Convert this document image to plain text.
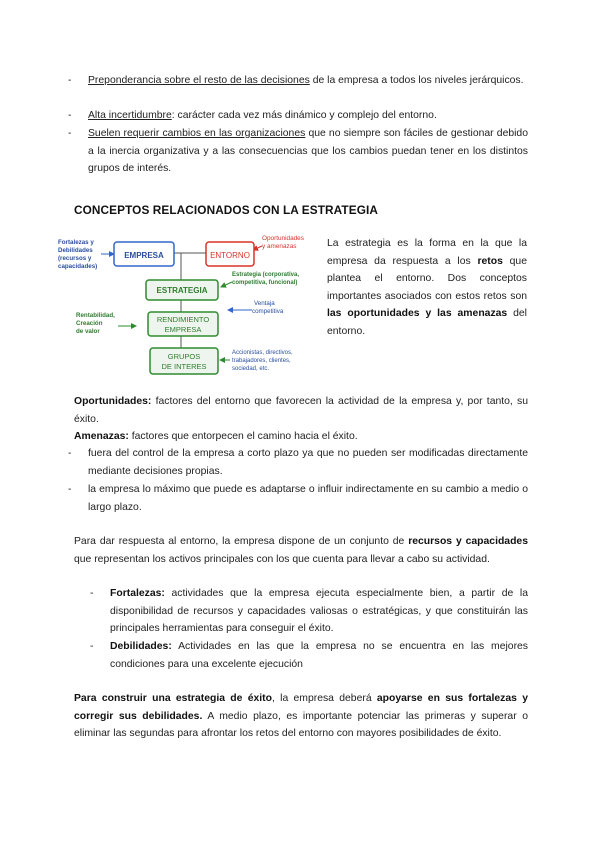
- Preponderancia sobre el resto de las decisiones de la empresa a todos los niveles jerárquicos.
- Alta incertidumbre: carácter cada vez más dinámico y complejo del entorno.
- Suelen requerir cambios en las organizaciones que no siempre son fáciles de gestionar debido a la inercia organizativa y a las consecuencias que los cambios puedan tener en los distintos grupos de interés.
CONCEPTOS RELACIONADOS CON LA ESTRATEGIA
EMPRESA	ENTORNO
ESTRATEGIA
RENDIMIENTO
EMPRESA
GRUPOS
DE INTERES
Fortalezas y Debilidades (recursos y capacidades)
Oportunidades y amenazas
Estrategia (corporativa, competitiva, funcional)
Ventaja competitiva
Rentabilidad, Creación de valor
Accionistas, directivos, trabajadores, clientes, sociedad, etc.
La estrategia es la forma en la que la empresa da respuesta a los retos que plantea el entorno. Dos conceptos importantes asociados con estos retos son las oportunidades y las amenazas del entorno.
Oportunidades: factores del entorno que favorecen la actividad de la empresa y, por tanto, su éxito.
Amenazas: factores que entorpecen el camino hacia el éxito.
- fuera del control de la empresa a corto plazo ya que no pueden ser modificadas directamente mediante decisiones propias.
- la empresa lo máximo que puede es adaptarse o influir indirectamente en su cambio a medio o largo plazo.
Para dar respuesta al entorno, la empresa dispone de un conjunto de recursos y capacidades que representan los activos principales con los que cuenta para llevar a cabo su actividad.
- Fortalezas: actividades que la empresa ejecuta especialmente bien, a partir de la disponibilidad de recursos y capacidades valiosas o estratégicas, y que constituirán las principales herramientas para conseguir el éxito.
- Debilidades: Actividades en las que la empresa no se encuentra en las mejores condiciones para una excelente ejecución
Para construir una estrategia de éxito, la empresa deberá apoyarse en sus fortalezas y corregir sus debilidades. A medio plazo, es importante potenciar las primeras y superar o eliminar las segundas para afrontar los retos del entorno con mayores posibilidades de éxito.
